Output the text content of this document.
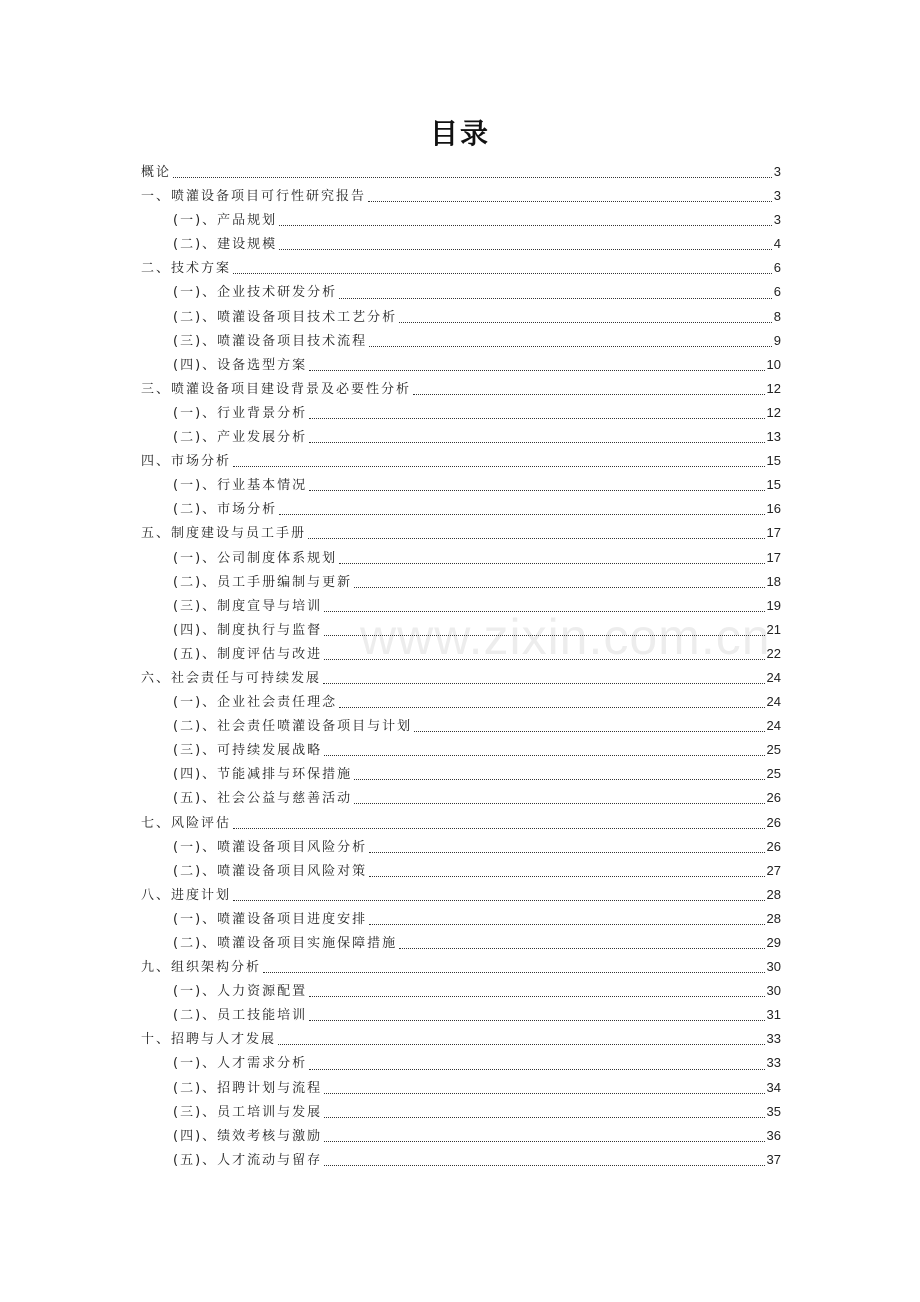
www.zixin.com.cn
目录
概论	3
一、喷灌设备项目可行性研究报告	3
(一)、产品规划	3
(二)、建设规模	4
二、技术方案	6
(一)、企业技术研发分析	6
(二)、喷灌设备项目技术工艺分析	8
(三)、喷灌设备项目技术流程	9
(四)、设备选型方案	10
三、喷灌设备项目建设背景及必要性分析	12
(一)、行业背景分析	12
(二)、产业发展分析	13
四、市场分析	15
(一)、行业基本情况	15
(二)、市场分析	16
五、制度建设与员工手册	17
(一)、公司制度体系规划	17
(二)、员工手册编制与更新	18
(三)、制度宣导与培训	19
(四)、制度执行与监督	21
(五)、制度评估与改进	22
六、社会责任与可持续发展	24
(一)、企业社会责任理念	24
(二)、社会责任喷灌设备项目与计划	24
(三)、可持续发展战略	25
(四)、节能减排与环保措施	25
(五)、社会公益与慈善活动	26
七、风险评估	26
(一)、喷灌设备项目风险分析	26
(二)、喷灌设备项目风险对策	27
八、进度计划	28
(一)、喷灌设备项目进度安排	28
(二)、喷灌设备项目实施保障措施	29
九、组织架构分析	30
(一)、人力资源配置	30
(二)、员工技能培训	31
十、招聘与人才发展	33
(一)、人才需求分析	33
(二)、招聘计划与流程	34
(三)、员工培训与发展	35
(四)、绩效考核与激励	36
(五)、人才流动与留存	37
